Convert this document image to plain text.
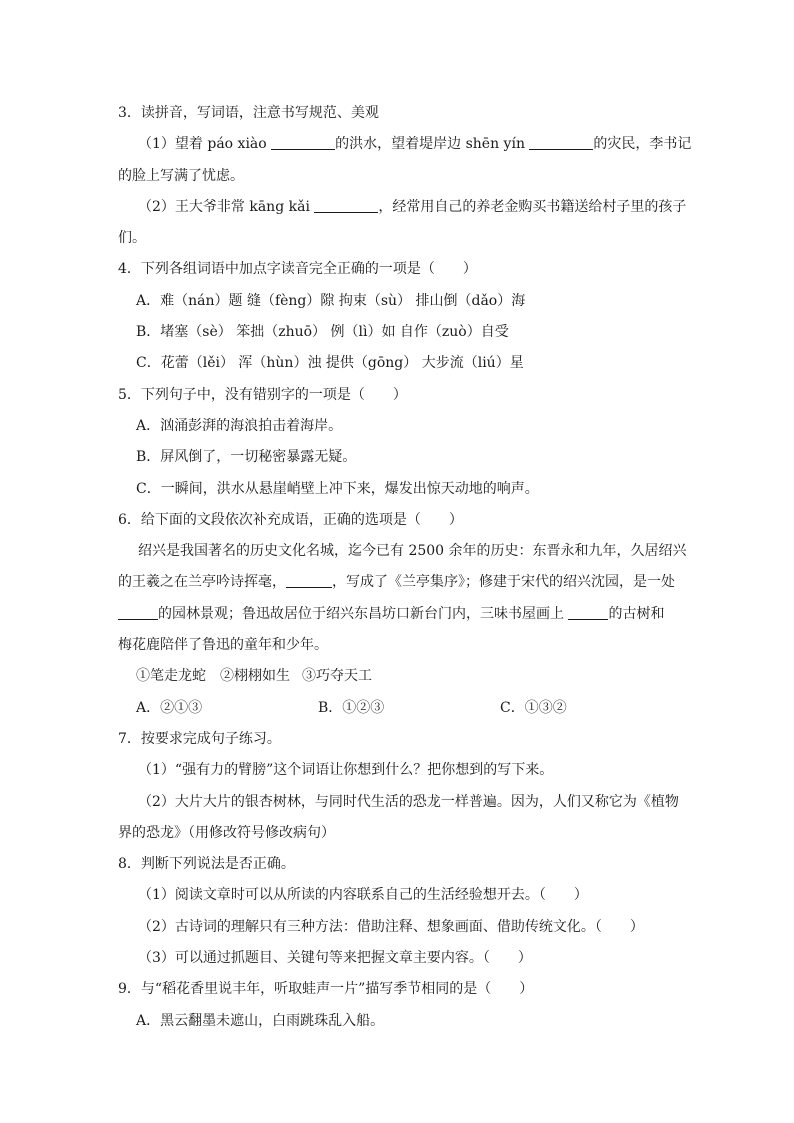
3．读拼音，写词语，注意书写规范、美观
（1）望着 páo xiào	的洪水，望着堤岸边 shēn yín	的灾民，李书记
的脸上写满了忧虑。
（2）王大爷非常 kāng kǎi	，经常用自己的养老金购买书籍送给村子里的孩子
们。
4．下列各组词语中加点字读音完全正确的一项是（　　）
A．难（nán）题 缝（fèng）隙 拘束（sù） 排山倒（dǎo）海
B．堵塞（sè） 笨拙（zhuō） 例（lì）如 自作（zuò）自受
C．花蕾（lěi） 浑（hùn）浊 提供（gōng） 大步流（liú）星
5．下列句子中，没有错别字的一项是（　　）
A．汹涌彭湃的海浪拍击着海岸。
B．屏风倒了，一切秘密暴露无疑。
C．一瞬间，洪水从悬崖峭壁上冲下来，爆发出惊天动地的响声。
6．给下面的文段依次补充成语，正确的选项是（　　）
绍兴是我国著名的历史文化名城，迄今已有 2500 余年的历史：东晋永和九年，久居绍兴
的王羲之在兰亭吟诗挥毫，	，写成了《兰亭集序》；修建于宋代的绍兴沈园，是一处
的园林景观；鲁迅故居位于绍兴东昌坊口新台门内，三味书屋画上	的古树和
梅花鹿陪伴了鲁迅的童年和少年。
①笔走龙蛇 ②栩栩如生 ③巧夺天工
A．②①③	B．①②③	C．①③②
7．按要求完成句子练习。
（1）“强有力的臂膀”这个词语让你想到什么？把你想到的写下来。
（2）大片大片的银杏树林，与同时代生活的恐龙一样普遍。因为，人们又称它为《植物
界的恐龙》（用修改符号修改病句）
8．判断下列说法是否正确。
（1）阅读文章时可以从所读的内容联系自己的生活经验想开去。（　　）
（2）古诗词的理解只有三种方法：借助注释、想象画面、借助传统文化。（　　）
（3）可以通过抓题目、关键句等来把握文章主要内容。（　　）
9．与“稻花香里说丰年，听取蛙声一片”描写季节相同的是（　　）
A．黑云翻墨未遮山，白雨跳珠乱入船。
